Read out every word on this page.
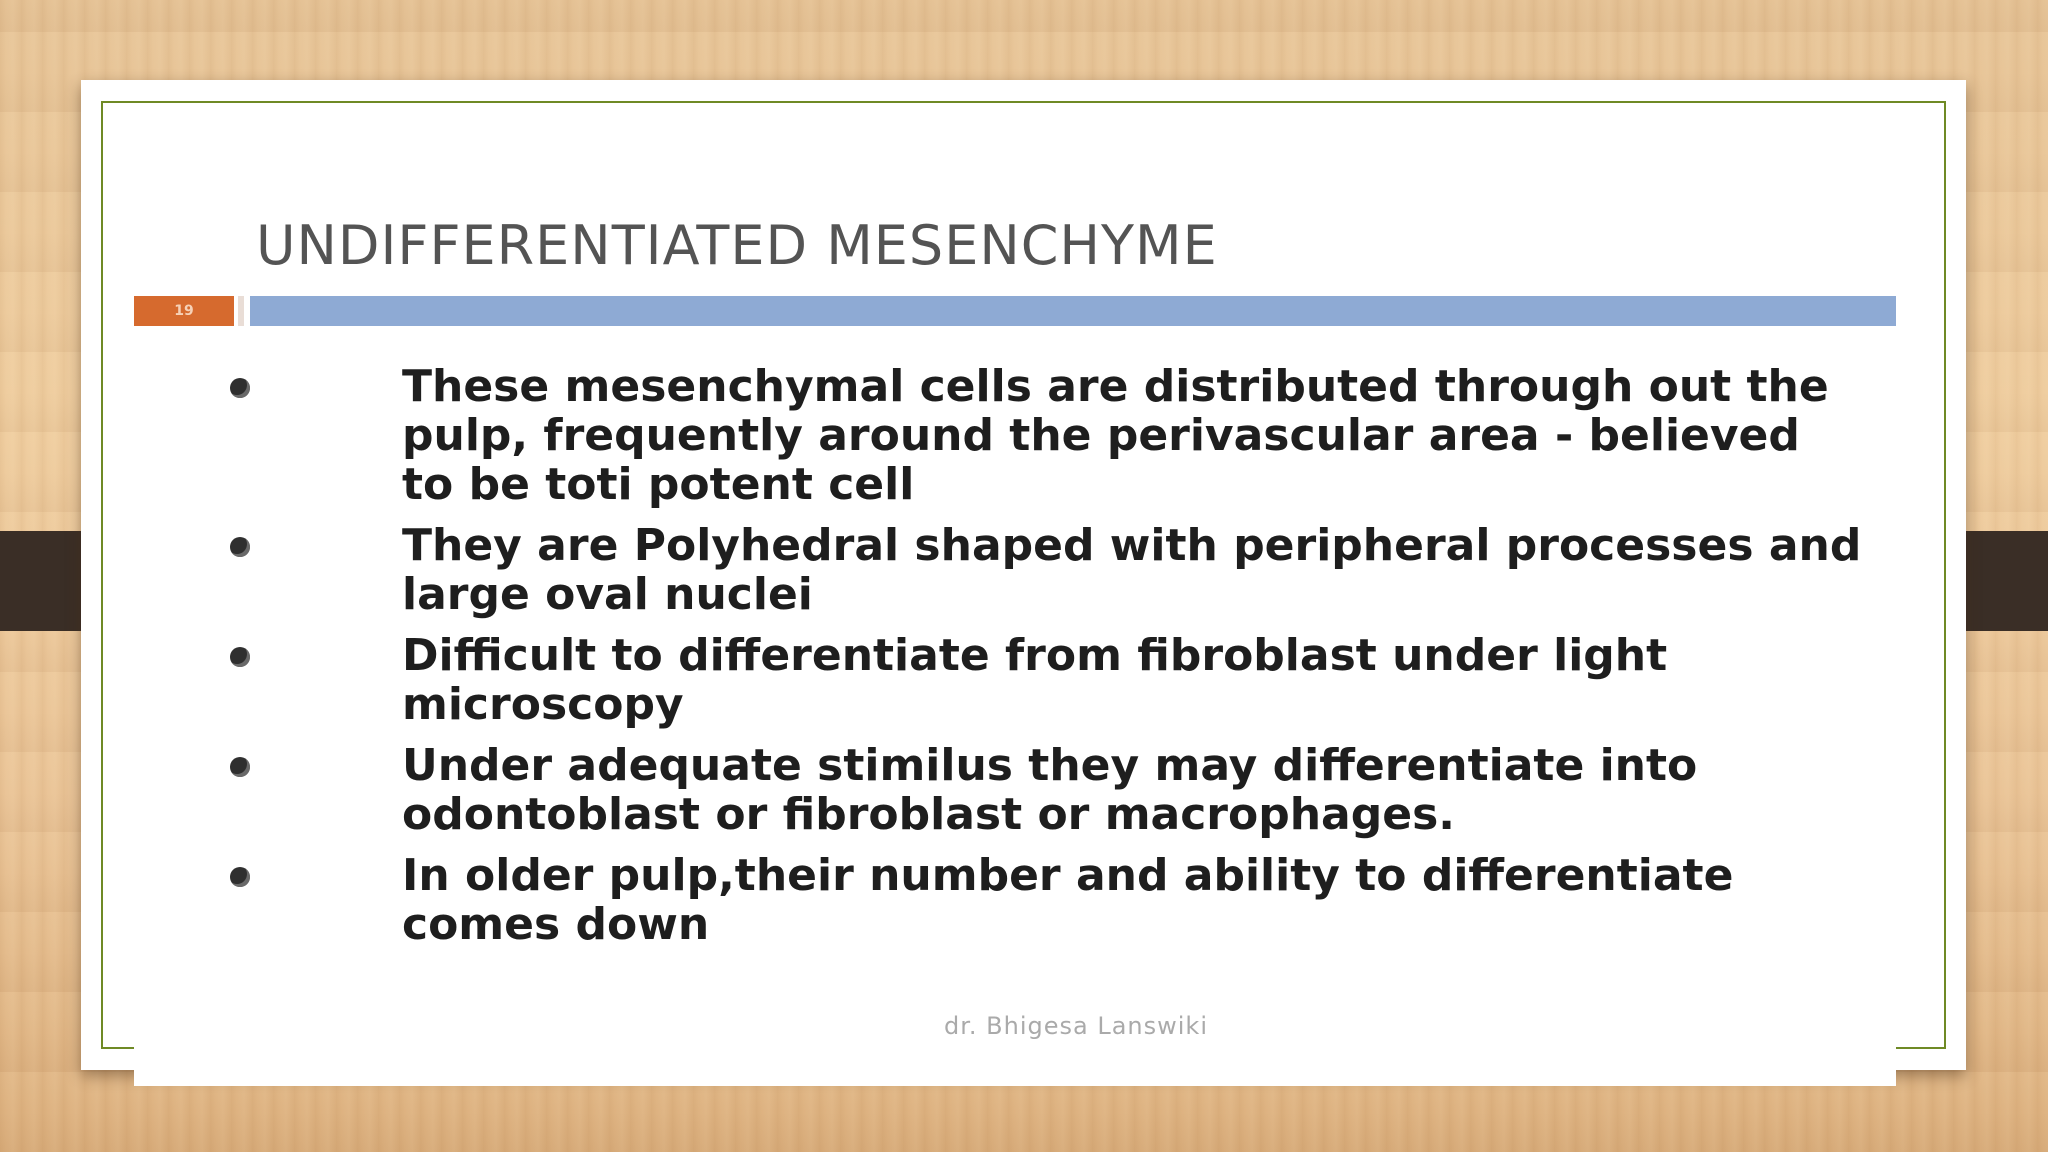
UNDIFFERENTIATED MESENCHYME
19
These mesenchymal cells are distributed through out the pulp, frequently around the perivascular area - believed to be toti potent cell
They are Polyhedral shaped with peripheral processes and large oval nuclei
Difficult to differentiate from fibroblast under light microscopy
Under adequate stimilus they may differentiate into odontoblast or fibroblast or macrophages.
In older pulp,their number and ability to differentiate comes down
dr. Bhigesa Lanswiki
